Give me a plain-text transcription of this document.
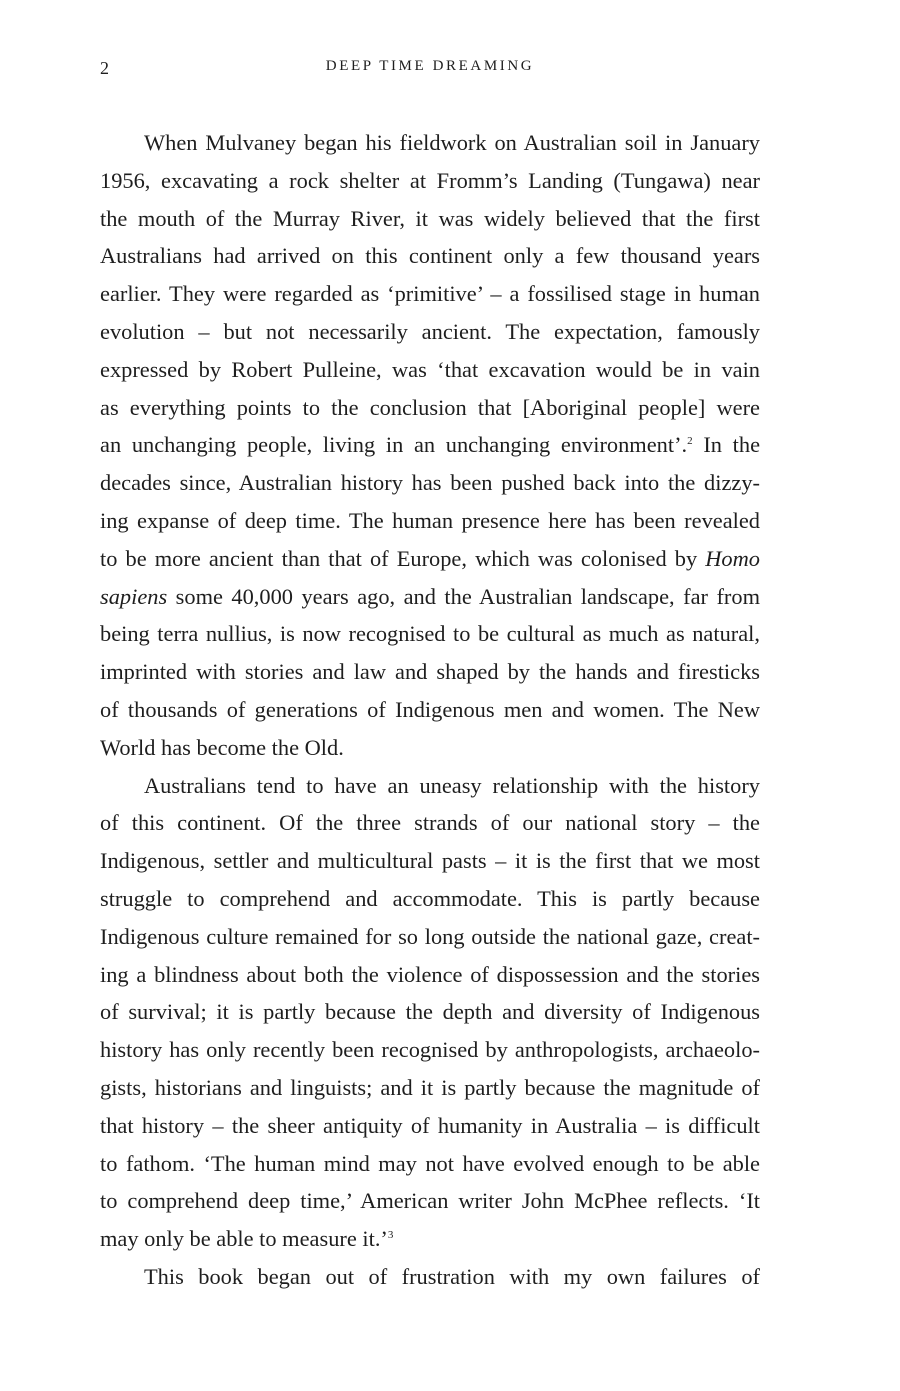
2	DEEP TIME DREAMING
When Mulvaney began his fieldwork on Australian soil in January
1956, excavating a rock shelter at Fromm’s Landing (Tungawa) near
the mouth of the Murray River, it was widely believed that the first
Australians had arrived on this continent only a few thousand years
earlier. They were regarded as ‘primitive’ – a fossilised stage in human
evolution – but not necessarily ancient. The expectation, famously
expressed by Robert Pulleine, was ‘that excavation would be in vain
as everything points to the conclusion that [Aboriginal people] were
an unchanging people, living in an unchanging environment’.$^2$ In the
decades since, Australian history has been pushed back into the dizzy-
ing expanse of deep time. The human presence here has been revealed
to be more ancient than that of Europe, which was colonised by Homo
sapiens some 40,000 years ago, and the Australian landscape, far from
being terra nullius, is now recognised to be cultural as much as natural,
imprinted with stories and law and shaped by the hands and firesticks
of thousands of generations of Indigenous men and women. The New
World has become the Old.
Australians tend to have an uneasy relationship with the history
of this continent. Of the three strands of our national story – the
Indigenous, settler and multicultural pasts – it is the first that we most
struggle to comprehend and accommodate. This is partly because
Indigenous culture remained for so long outside the national gaze, creat-
ing a blindness about both the violence of dispossession and the stories
of survival; it is partly because the depth and diversity of Indigenous
history has only recently been recognised by anthropologists, archaeolo-
gists, historians and linguists; and it is partly because the magnitude of
that history – the sheer antiquity of humanity in Australia – is difficult
to fathom. ‘The human mind may not have evolved enough to be able
to comprehend deep time,’ American writer John McPhee reflects. ‘It
may only be able to measure it.’$^3$
This book began out of frustration with my own failures of
